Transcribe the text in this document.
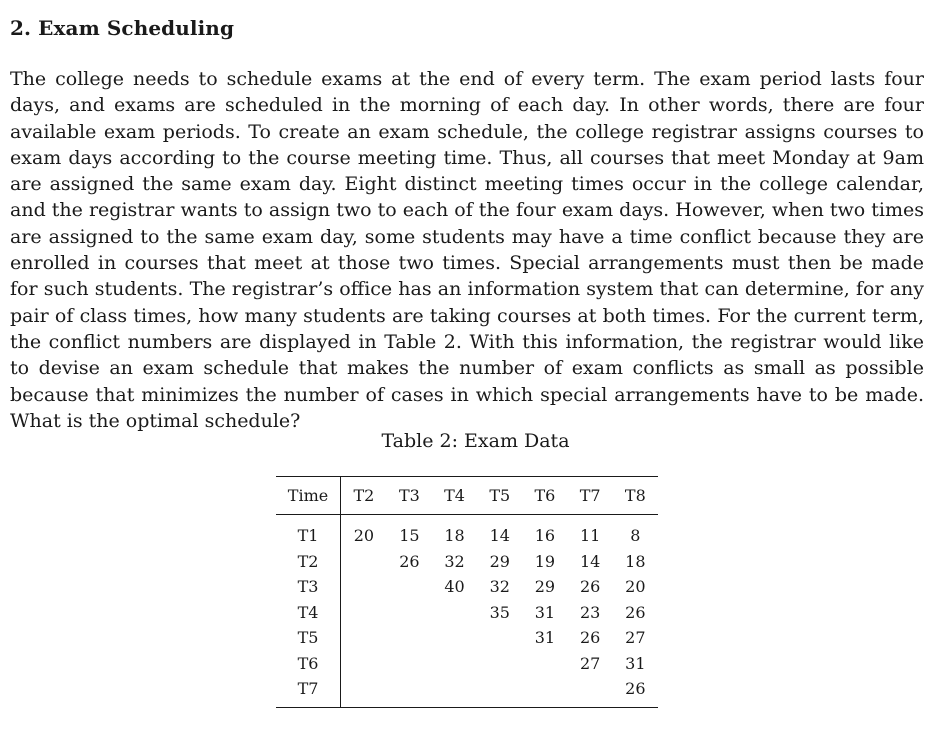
2. Exam Scheduling

The college needs to schedule exams at the end of every term. The exam period lasts four days, and exams are scheduled in the morning of each day. In other words, there are four available exam periods. To create an exam schedule, the college registrar assigns courses to exam days according to the course meeting time. Thus, all courses that meet Monday at 9am are assigned the same exam day. Eight distinct meeting times occur in the college calendar, and the registrar wants to assign two to each of the four exam days. However, when two times are assigned to the same exam day, some students may have a time conflict because they are enrolled in courses that meet at those two times. Special arrangements must then be made for such students. The registrar’s office has an information system that can determine, for any pair of class times, how many students are taking courses at both times. For the current term, the conflict numbers are displayed in Table 2. With this information, the registrar would like to devise an exam schedule that makes the number of exam conflicts as small as possible because that minimizes the number of cases in which special arrangements have to be made. What is the optimal schedule?

Table 2: Exam Data
Time	T2	T3	T4	T5	T6	T7	T8
T1	20	15	18	14	16	11	8
T2		26	32	29	19	14	18
T3			40	32	29	26	20
T4				35	31	23	26
T5					31	26	27
T6						27	31
T7							26
